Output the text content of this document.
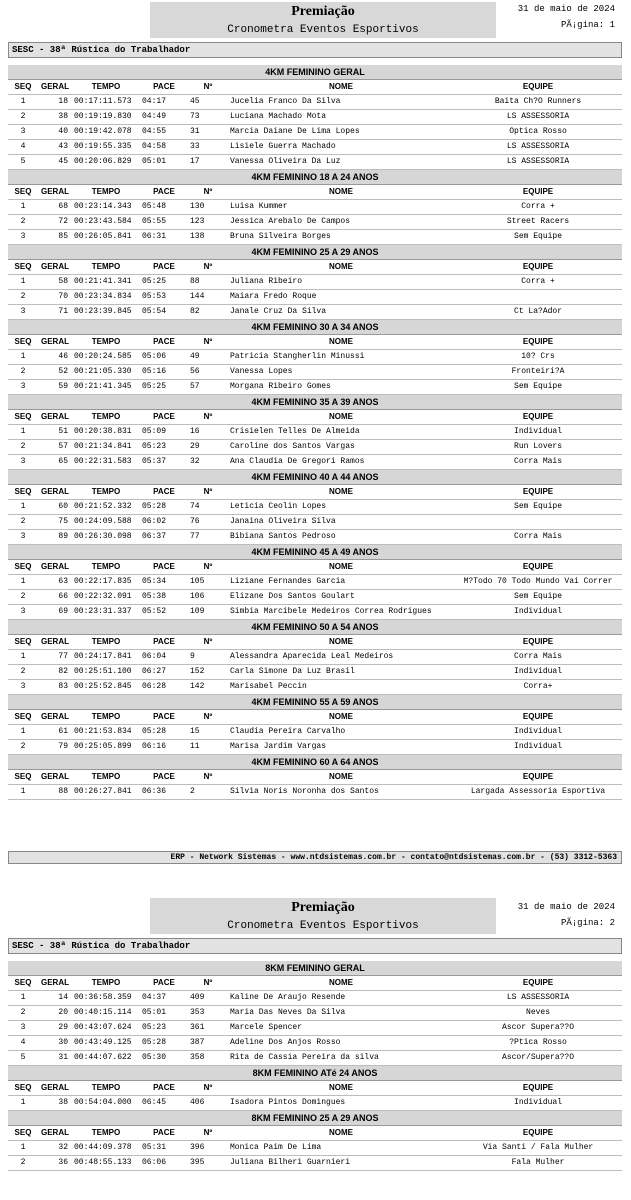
Premiação
Cronometra Eventos Esportivos
31 de maio de 2024
PÃ¡gina: 1
SESC - 38ª Rústica do Trabalhador
4KM FEMININO GERAL						
SEQ	GERAL	TEMPO	PACE	Nº	NOME	EQUIPE
1	18	00:17:11.573	04:17	45	Jucelia Franco Da Silva	Baita Ch?O Runners
2	38	00:19:19.830	04:49	73	Luciana Machado Mota	LS ASSESSORIA
3	40	00:19:42.078	04:55	31	Marcia Daiane De Lima Lopes	Optica Rosso
4	43	00:19:55.335	04:58	33	Lisiele Guerra Machado	LS ASSESSORIA
5	45	00:20:06.829	05:01	17	Vanessa Oliveira Da Luz	LS ASSESSORIA
4KM FEMININO 18 A 24 ANOS						
SEQ	GERAL	TEMPO	PACE	Nº	NOME	EQUIPE
1	68	00:23:14.343	05:48	130	Luisa Kummer	Corra +
2	72	00:23:43.584	05:55	123	Jessica Arebalo De Campos	Street Racers
3	85	00:26:05.841	06:31	138	Bruna Silveira Borges	Sem Equipe
4KM FEMININO 25 A 29 ANOS						
SEQ	GERAL	TEMPO	PACE	Nº	NOME	EQUIPE
1	58	00:21:41.341	05:25	88	Juliana Ribeiro	Corra +
2	70	00:23:34.834	05:53	144	Maiara Fredo Roque	
3	71	00:23:39.845	05:54	82	Janale Cruz Da Silva	Ct La?Ador
4KM FEMININO 30 A 34 ANOS						
SEQ	GERAL	TEMPO	PACE	Nº	NOME	EQUIPE
1	46	00:20:24.585	05:06	49	Patricia Stangherlin Minussi	10? Crs
2	52	00:21:05.330	05:16	56	Vanessa Lopes	Fronteiri?A
3	59	00:21:41.345	05:25	57	Morgana Ribeiro Gomes	Sem Equipe
4KM FEMININO 35 A 39 ANOS						
SEQ	GERAL	TEMPO	PACE	Nº	NOME	EQUIPE
1	51	00:20:38.831	05:09	16	Crisielen Telles De Almeida	Individual
2	57	00:21:34.841	05:23	29	Caroline dos Santos Vargas	Run Lovers
3	65	00:22:31.583	05:37	32	Ana Claudia De Gregori Ramos	Corra Mais
4KM FEMININO 40 A 44 ANOS						
SEQ	GERAL	TEMPO	PACE	Nº	NOME	EQUIPE
1	60	00:21:52.332	05:28	74	Leticia Ceolin Lopes	Sem Equipe
2	75	00:24:09.588	06:02	76	Janaina Oliveira Silva	
3	89	00:26:30.098	06:37	77	Bibiana Santos Pedroso	Corra Mais
4KM FEMININO 45 A 49 ANOS						
SEQ	GERAL	TEMPO	PACE	Nº	NOME	EQUIPE
1	63	00:22:17.835	05:34	105	Liziane Fernandes Garcia	M?Todo 70 Todo Mundo Vai Correr
2	66	00:22:32.091	05:38	106	Elizane Dos Santos Goulart	Sem Equipe
3	69	00:23:31.337	05:52	109	Simbia Marcibele Medeiros Correa Rodrigues	Individual
4KM FEMININO 50 A 54 ANOS						
SEQ	GERAL	TEMPO	PACE	Nº	NOME	EQUIPE
1	77	00:24:17.841	06:04	9	Alessandra Aparecida Leal Medeiros	Corra Mais
2	82	00:25:51.100	06:27	152	Carla Simone Da Luz Brasil	Individual
3	83	00:25:52.845	06:28	142	Marisabel Peccin	Corra+
4KM FEMININO 55 A 59 ANOS						
SEQ	GERAL	TEMPO	PACE	Nº	NOME	EQUIPE
1	61	00:21:53.834	05:28	15	Claudia Pereira Carvalho	Individual
2	79	00:25:05.899	06:16	11	Marisa Jardim Vargas	Individual
4KM FEMININO 60 A 64 ANOS						
SEQ	GERAL	TEMPO	PACE	Nº	NOME	EQUIPE
1	88	00:26:27.841	06:36	2	Silvia Noris Noronha dos Santos	Largada Assessoria Esportiva
ERP - Network Sistemas - www.ntdsistemas.com.br - contato@ntdsistemas.com.br - (53) 3312-5363
Premiação
Cronometra Eventos Esportivos
31 de maio de 2024
PÃ¡gina: 2
SESC - 38ª Rústica do Trabalhador
8KM FEMININO GERAL						
SEQ	GERAL	TEMPO	PACE	Nº	NOME	EQUIPE
1	14	00:36:58.359	04:37	409	Kaline De Araujo Resende	LS ASSESSORIA
2	20	00:40:15.114	05:01	353	Maria Das Neves Da Silva	Neves
3	29	00:43:07.624	05:23	361	Marcele Spencer	Ascor Supera??O
4	30	00:43:49.125	05:28	387	Adeline Dos Anjos Rosso	?Ptica Rosso
5	31	00:44:07.622	05:30	358	Rita de Cassia Pereira da silva	Ascor/Supera??O
8KM FEMININO ATé 24 ANOS						
SEQ	GERAL	TEMPO	PACE	Nº	NOME	EQUIPE
1	38	00:54:04.000	06:45	406	Isadora Pintos Domingues	Individual
8KM FEMININO 25 A 29 ANOS						
SEQ	GERAL	TEMPO	PACE	Nº	NOME	EQUIPE
1	32	00:44:09.378	05:31	396	Monica Paim De Lima	Via Santi / Fala Mulher
2	36	00:48:55.133	06:06	395	Juliana Bilheri Guarnieri	Fala Mulher
